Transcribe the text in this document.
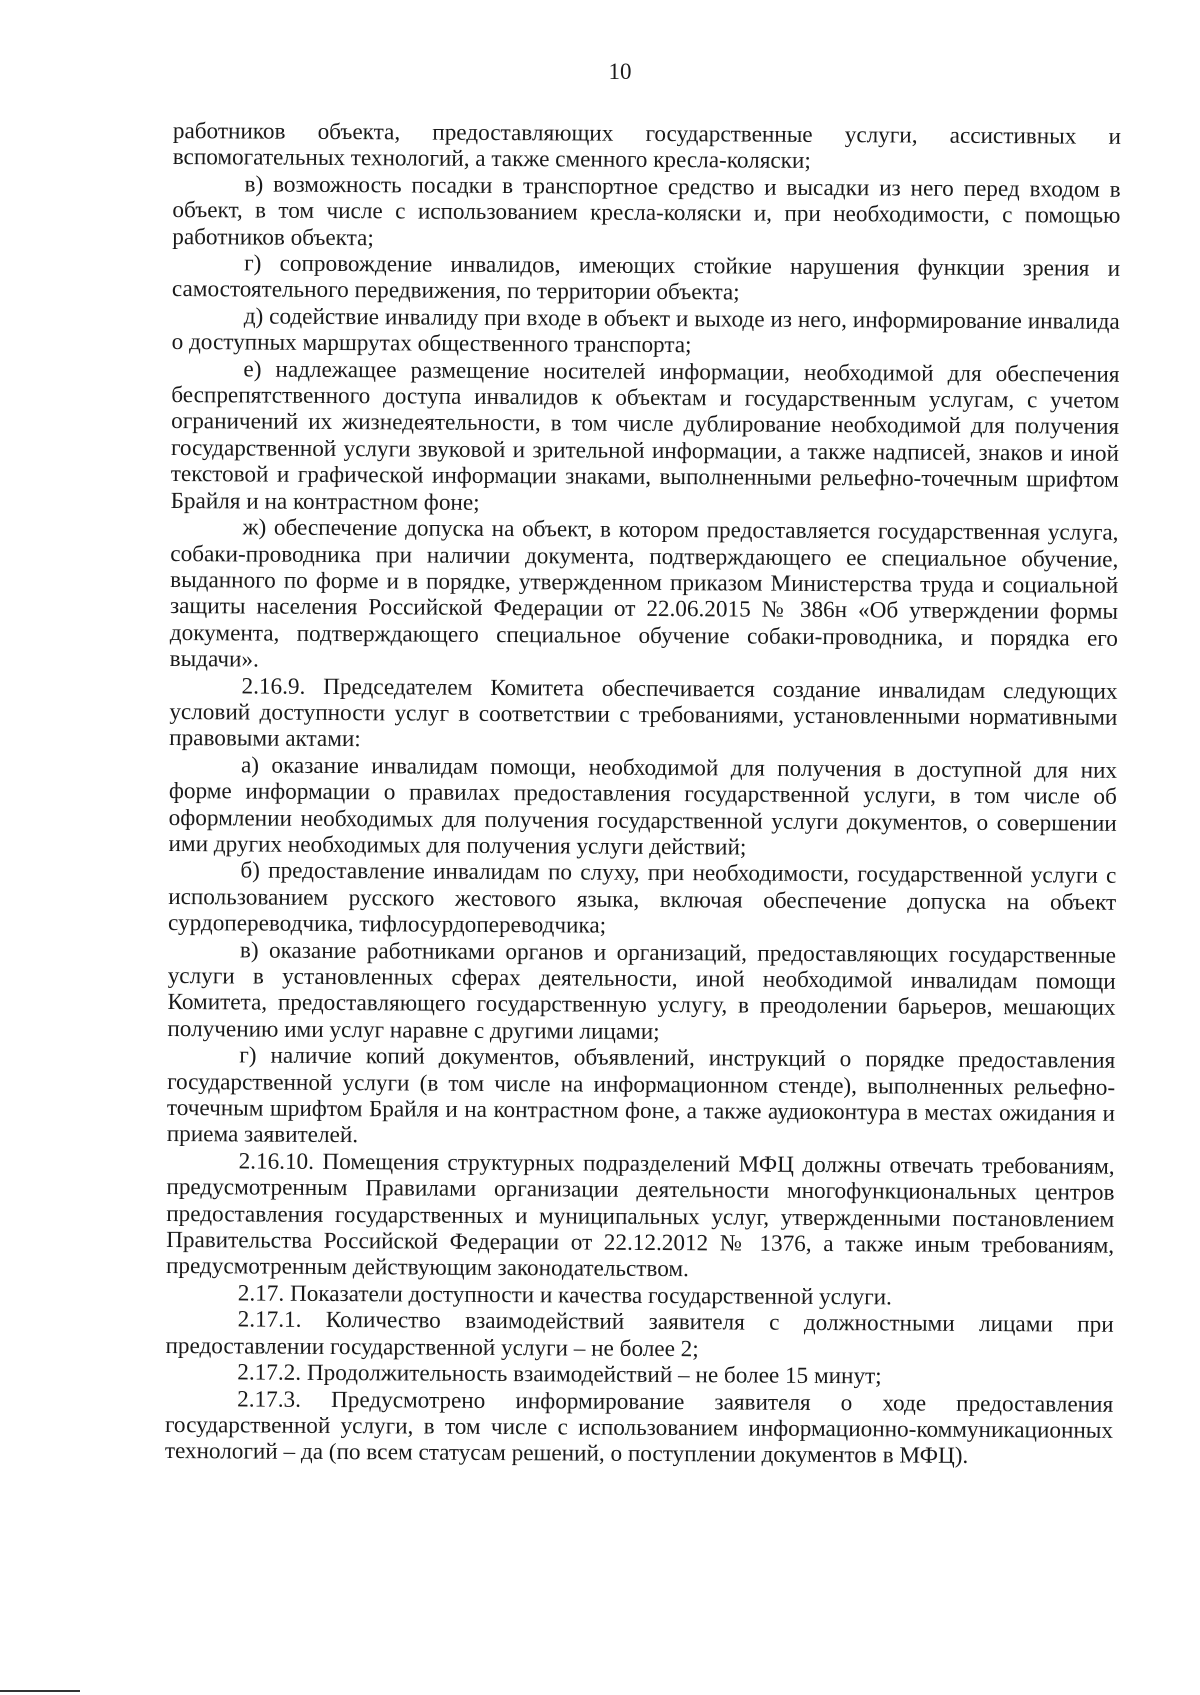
10

работников объекта, предоставляющих государственные услуги, ассистивных и вспомогательных технологий, а также сменного кресла-коляски;

в) возможность посадки в транспортное средство и высадки из него перед входом в объект, в том числе с использованием кресла-коляски и, при необходимости, с помощью работников объекта;

г) сопровождение инвалидов, имеющих стойкие нарушения функции зрения и самостоятельного передвижения, по территории объекта;

д) содействие инвалиду при входе в объект и выходе из него, информирование инвалида о доступных маршрутах общественного транспорта;

е) надлежащее размещение носителей информации, необходимой для обеспечения беспрепятственного доступа инвалидов к объектам и государственным услугам, с учетом ограничений их жизнедеятельности, в том числе дублирование необходимой для получения государственной услуги звуковой и зрительной информации, а также надписей, знаков и иной текстовой и графической информации знаками, выполненными рельефно-точечным шрифтом Брайля и на контрастном фоне;

ж) обеспечение допуска на объект, в котором предоставляется государственная услуга, собаки-проводника при наличии документа, подтверждающего ее специальное обучение, выданного по форме и в порядке, утвержденном приказом Министерства труда и социальной защиты населения Российской Федерации от 22.06.2015 № 386н «Об утверждении формы документа, подтверждающего специальное обучение собаки-проводника, и порядка его выдачи».

2.16.9. Председателем Комитета обеспечивается создание инвалидам следующих условий доступности услуг в соответствии с требованиями, установленными нормативными правовыми актами:

а) оказание инвалидам помощи, необходимой для получения в доступной для них форме информации о правилах предоставления государственной услуги, в том числе об оформлении необходимых для получения государственной услуги документов, о совершении ими других необходимых для получения услуги действий;

б) предоставление инвалидам по слуху, при необходимости, государственной услуги с использованием русского жестового языка, включая обеспечение допуска на объект сурдопереводчика, тифлосурдопереводчика;

в) оказание работниками органов и организаций, предоставляющих государственные услуги в установленных сферах деятельности, иной необходимой инвалидам помощи Комитета, предоставляющего государственную услугу, в преодолении барьеров, мешающих получению ими услуг наравне с другими лицами;

г) наличие копий документов, объявлений, инструкций о порядке предоставления государственной услуги (в том числе на информационном стенде), выполненных рельефно-точечным шрифтом Брайля и на контрастном фоне, а также аудиоконтура в местах ожидания и приема заявителей.

2.16.10. Помещения структурных подразделений МФЦ должны отвечать требованиям, предусмотренным Правилами организации деятельности многофункциональных центров предоставления государственных и муниципальных услуг, утвержденными постановлением Правительства Российской Федерации от 22.12.2012 № 1376, а также иным требованиям, предусмотренным действующим законодательством.

2.17. Показатели доступности и качества государственной услуги.

2.17.1. Количество взаимодействий заявителя с должностными лицами при предоставлении государственной услуги – не более 2;

2.17.2. Продолжительность взаимодействий – не более 15 минут;

2.17.3. Предусмотрено информирование заявителя о ходе предоставления государственной услуги, в том числе с использованием информационно-коммуникационных технологий – да (по всем статусам решений, о поступлении документов в МФЦ).
